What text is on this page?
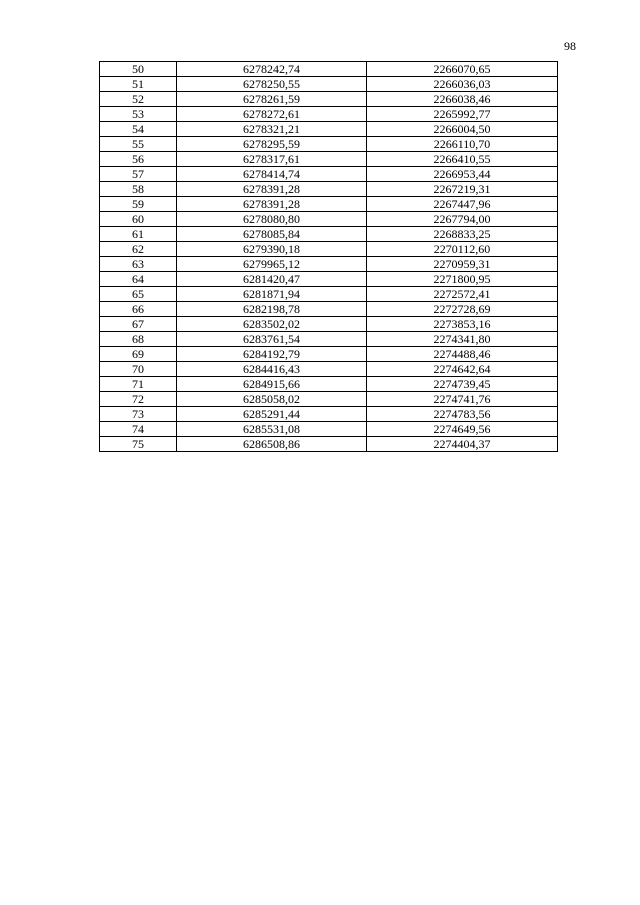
98
50	6278242,74	2266070,65
51	6278250,55	2266036,03
52	6278261,59	2266038,46
53	6278272,61	2265992,77
54	6278321,21	2266004,50
55	6278295,59	2266110,70
56	6278317,61	2266410,55
57	6278414,74	2266953,44
58	6278391,28	2267219,31
59	6278391,28	2267447,96
60	6278080,80	2267794,00
61	6278085,84	2268833,25
62	6279390,18	2270112,60
63	6279965,12	2270959,31
64	6281420,47	2271800,95
65	6281871,94	2272572,41
66	6282198,78	2272728,69
67	6283502,02	2273853,16
68	6283761,54	2274341,80
69	6284192,79	2274488,46
70	6284416,43	2274642,64
71	6284915,66	2274739,45
72	6285058,02	2274741,76
73	6285291,44	2274783,56
74	6285531,08	2274649,56
75	6286508,86	2274404,37
